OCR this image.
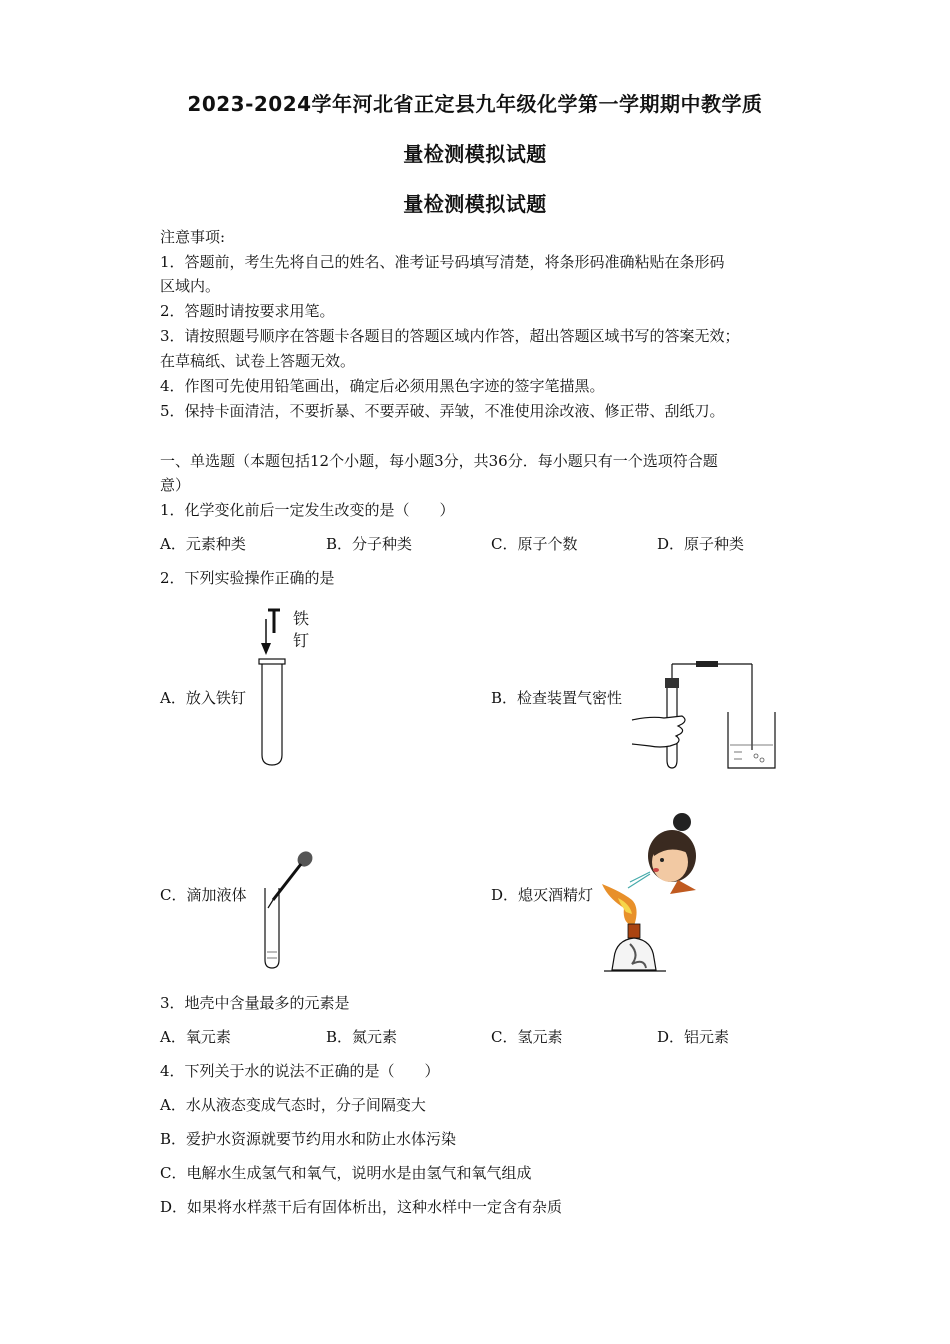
2023-2024学年河北省正定县九年级化学第一学期期中教学质
量检测模拟试题
量检测模拟试题
注意事项:
1．答题前，考生先将自己的姓名、准考证号码填写清楚，将条形码准确粘贴在条形码
区域内。
2．答题时请按要求用笔。
3．请按照题号顺序在答题卡各题目的答题区域内作答，超出答题区域书写的答案无效；
在草稿纸、试卷上答题无效。
4．作图可先使用铅笔画出，确定后必须用黑色字迹的签字笔描黑。
5．保持卡面清洁，不要折暴、不要弄破、弄皱，不准使用涂改液、修正带、刮纸刀。
一、单选题（本题包括12个小题，每小题3分，共36分．每小题只有一个选项符合题
意）
1．化学变化前后一定发生改变的是（　　）
A．元素种类	B．分子种类	C．原子个数	D．原子种类
2．下列实验操作正确的是
A．放入铁钉
铁
钉
B．检查装置气密性
C．滴加液体	D．熄灭酒精灯
3．地壳中含量最多的元素是
A．氧元素	B．氮元素	C．氢元素	D．铝元素
4．下列关于水的说法不正确的是（　　）
A．水从液态变成气态时，分子间隔变大
B．爱护水资源就要节约用水和防止水体污染
C．电解水生成氢气和氧气，说明水是由氢气和氧气组成
D．如果将水样蒸干后有固体析出，这种水样中一定含有杂质
